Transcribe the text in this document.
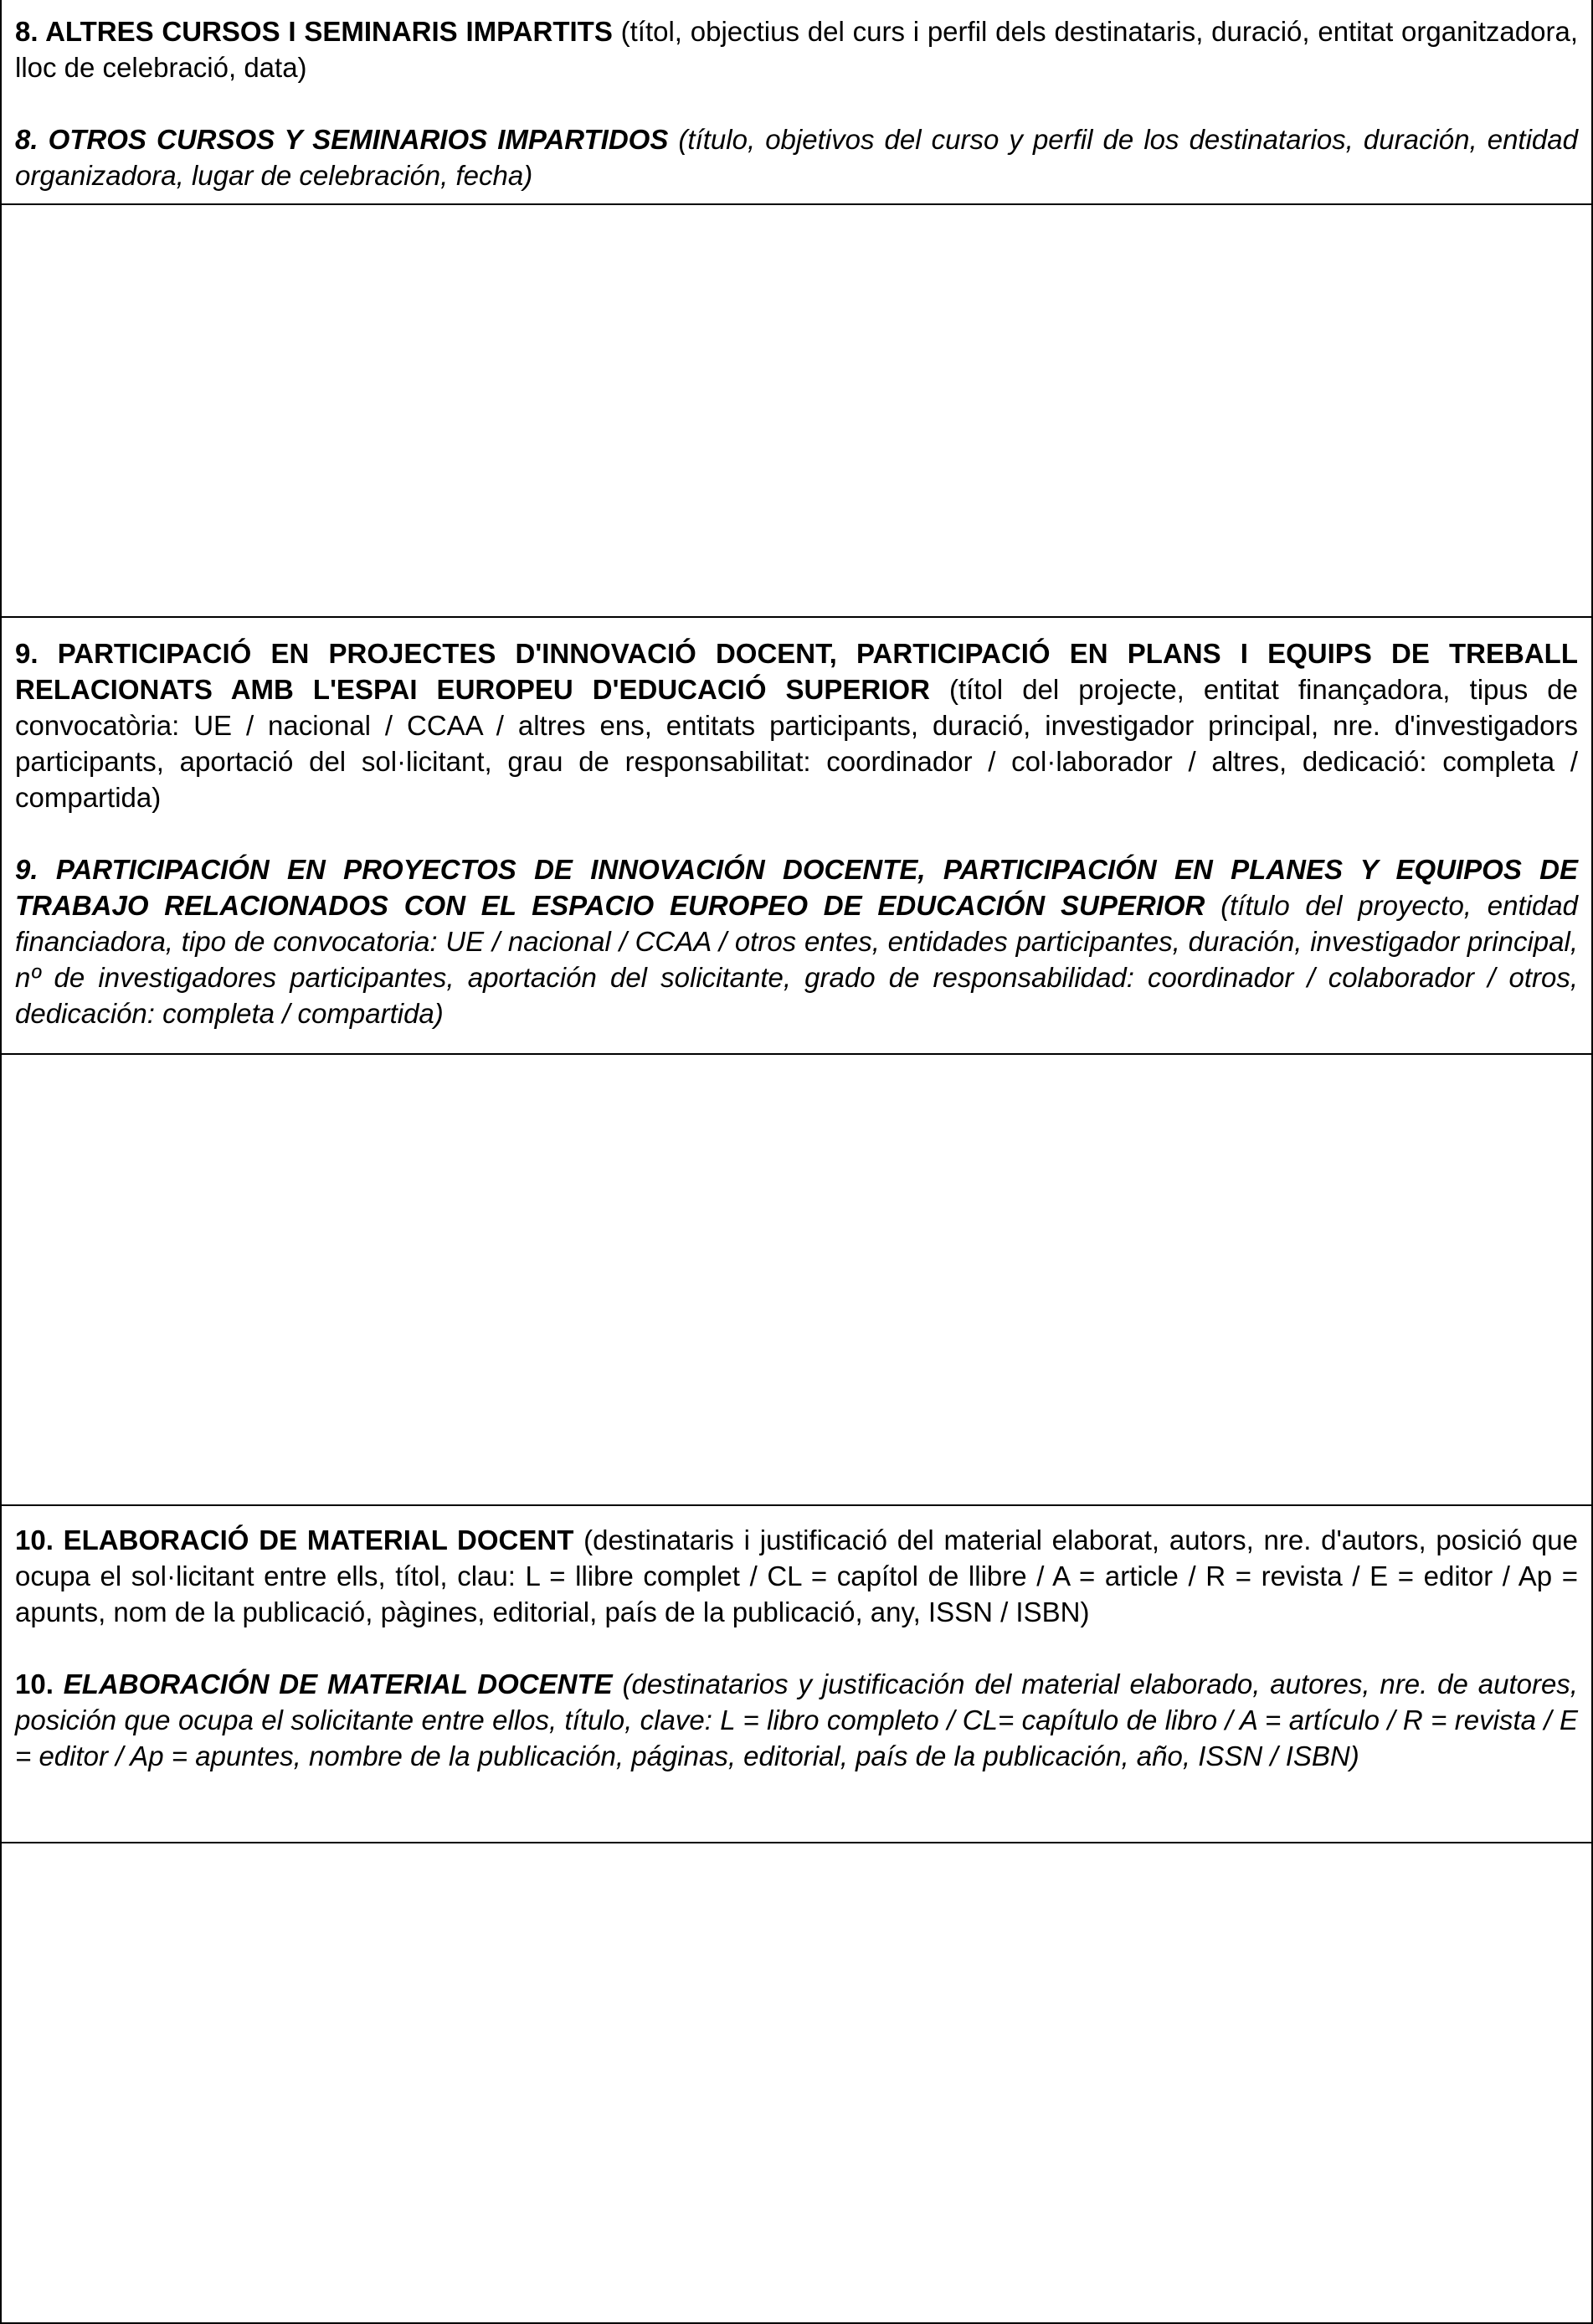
8. ALTRES CURSOS I SEMINARIS IMPARTITS (títol, objectius del curs i perfil dels destinataris, duració, entitat organitzadora, lloc de celebració, data)

8. OTROS CURSOS Y SEMINARIOS IMPARTIDOS (título, objetivos del curso y perfil de los destinatarios, duración, entidad organizadora, lugar de celebración, fecha)

9. PARTICIPACIÓ EN PROJECTES D'INNOVACIÓ DOCENT, PARTICIPACIÓ EN PLANS I EQUIPS DE TREBALL RELACIONATS AMB L'ESPAI EUROPEU D'EDUCACIÓ SUPERIOR (títol del projecte, entitat finançadora, tipus de convocatòria: UE / nacional / CCAA / altres ens, entitats participants, duració, investigador principal, nre. d'investigadors participants, aportació del sol·licitant, grau de responsabilitat: coordinador / col·laborador / altres, dedicació: completa / compartida)

9. PARTICIPACIÓN EN PROYECTOS DE INNOVACIÓN DOCENTE, PARTICIPACIÓN EN PLANES Y EQUIPOS DE TRABAJO RELACIONADOS CON EL ESPACIO EUROPEO DE EDUCACIÓN SUPERIOR (título del proyecto, entidad financiadora, tipo de convocatoria: UE / nacional / CCAA / otros entes, entidades participantes, duración, investigador principal, nº de investigadores participantes, aportación del solicitante, grado de responsabilidad: coordinador / colaborador / otros, dedicación: completa / compartida)

10. ELABORACIÓ DE MATERIAL DOCENT (destinataris i justificació del material elaborat, autors, nre. d'autors, posició que ocupa el sol·licitant entre ells, títol, clau: L = llibre complet / CL = capítol de llibre / A = article / R = revista / E = editor / Ap = apunts, nom de la publicació, pàgines, editorial, país de la publicació, any, ISSN / ISBN)

10. ELABORACIÓN DE MATERIAL DOCENTE (destinatarios y justificación del material elaborado, autores, nre. de autores, posición que ocupa el solicitante entre ellos, título, clave: L = libro completo / CL= capítulo de libro / A = artículo / R = revista / E = editor / Ap = apuntes, nombre de la publicación, páginas, editorial, país de la publicación, año, ISSN / ISBN)
